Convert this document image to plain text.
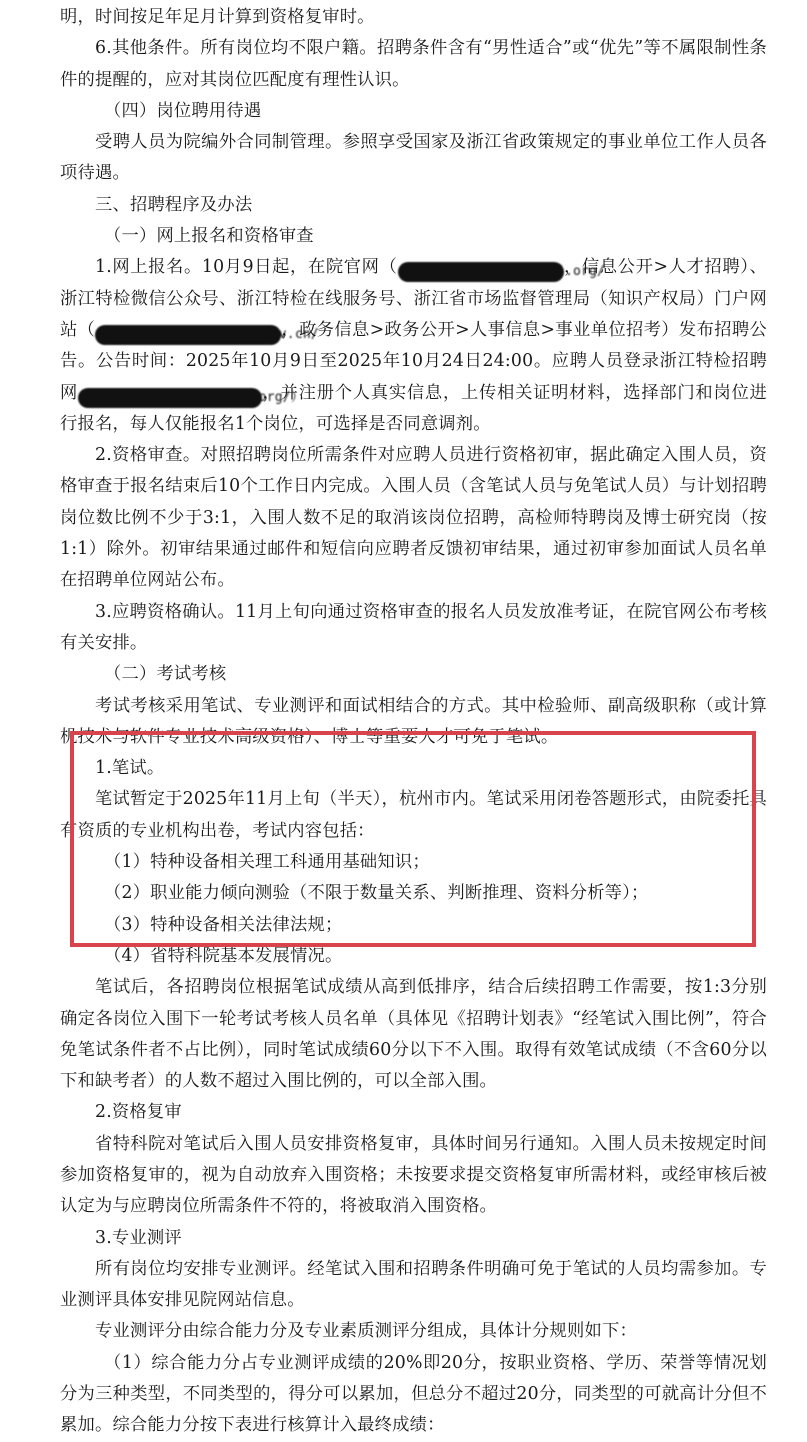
明，时间按足年足月计算到资格复审时。

6.其他条件。所有岗位均不限户籍。招聘条件含有“男性适合”或“优先”等不属限制性条件的提醒的，应对其岗位匹配度有理性认识。

（四）岗位聘用待遇

受聘人员为院编外合同制管理。参照享受国家及浙江省政策规定的事业单位工作人员各项待遇。

三、招聘程序及办法

（一）网上报名和资格审查

1.网上报名。10月9日起，在院官网（	https://www.zjtj.org/，信息公开>人才招聘）、浙江特检微信公众号、浙江特检在线服务号、浙江省市场监督管理局（知识产权局）门户网站（	http://zjamr.zj.gov.cn/，政务信息>政务公开>人事信息>事业单位招考）发布招聘公告。公告时间：2025年10月9日至2025年10月24日24:00。应聘人员登录浙江特检招聘网	（https://cp.zjtj.org/），并注册个人真实信息，上传相关证明材料，选择部门和岗位进行报名，每人仅能报名1个岗位，可选择是否同意调剂。

2.资格审查。对照招聘岗位所需条件对应聘人员进行资格初审，据此确定入围人员，资格审查于报名结束后10个工作日内完成。入围人员（含笔试人员与免笔试人员）与计划招聘岗位数比例不少于3:1，入围人数不足的取消该岗位招聘，高检师特聘岗及博士研究岗（按1:1）除外。初审结果通过邮件和短信向应聘者反馈初审结果，通过初审参加面试人员名单在招聘单位网站公布。

3.应聘资格确认。11月上旬向通过资格审查的报名人员发放准考证，在院官网公布考核有关安排。

（二）考试考核

考试考核采用笔试、专业测评和面试相结合的方式。其中检验师、副高级职称（或计算机技术与软件专业技术高级资格）、博士等重要人才可免于笔试。

1.笔试。

笔试暂定于2025年11月上旬（半天），杭州市内。笔试采用闭卷答题形式，由院委托具有资质的专业机构出卷，考试内容包括：

（1）特种设备相关理工科通用基础知识；

（2）职业能力倾向测验（不限于数量关系、判断推理、资料分析等）；

（3）特种设备相关法律法规；

（4）省特科院基本发展情况。

笔试后，各招聘岗位根据笔试成绩从高到低排序，结合后续招聘工作需要，按1:3分别确定各岗位入围下一轮考试考核人员名单（具体见《招聘计划表》“经笔试入围比例”，符合免笔试条件者不占比例），同时笔试成绩60分以下不入围。取得有效笔试成绩（不含60分以下和缺考者）的人数不超过入围比例的，可以全部入围。

2.资格复审

省特科院对笔试后入围人员安排资格复审，具体时间另行通知。入围人员未按规定时间参加资格复审的，视为自动放弃入围资格；未按要求提交资格复审所需材料，或经审核后被认定为与应聘岗位所需条件不符的，将被取消入围资格。

3.专业测评

所有岗位均安排专业测评。经笔试入围和招聘条件明确可免于笔试的人员均需参加。专业测评具体安排见院网站信息。

专业测评分由综合能力分及专业素质测评分组成，具体计分规则如下：

（1）综合能力分占专业测评成绩的20%即20分，按职业资格、学历、荣誉等情况划分为三种类型，不同类型的，得分可以累加，但总分不超过20分，同类型的可就高计分但不累加。综合能力分按下表进行核算计入最终成绩：
